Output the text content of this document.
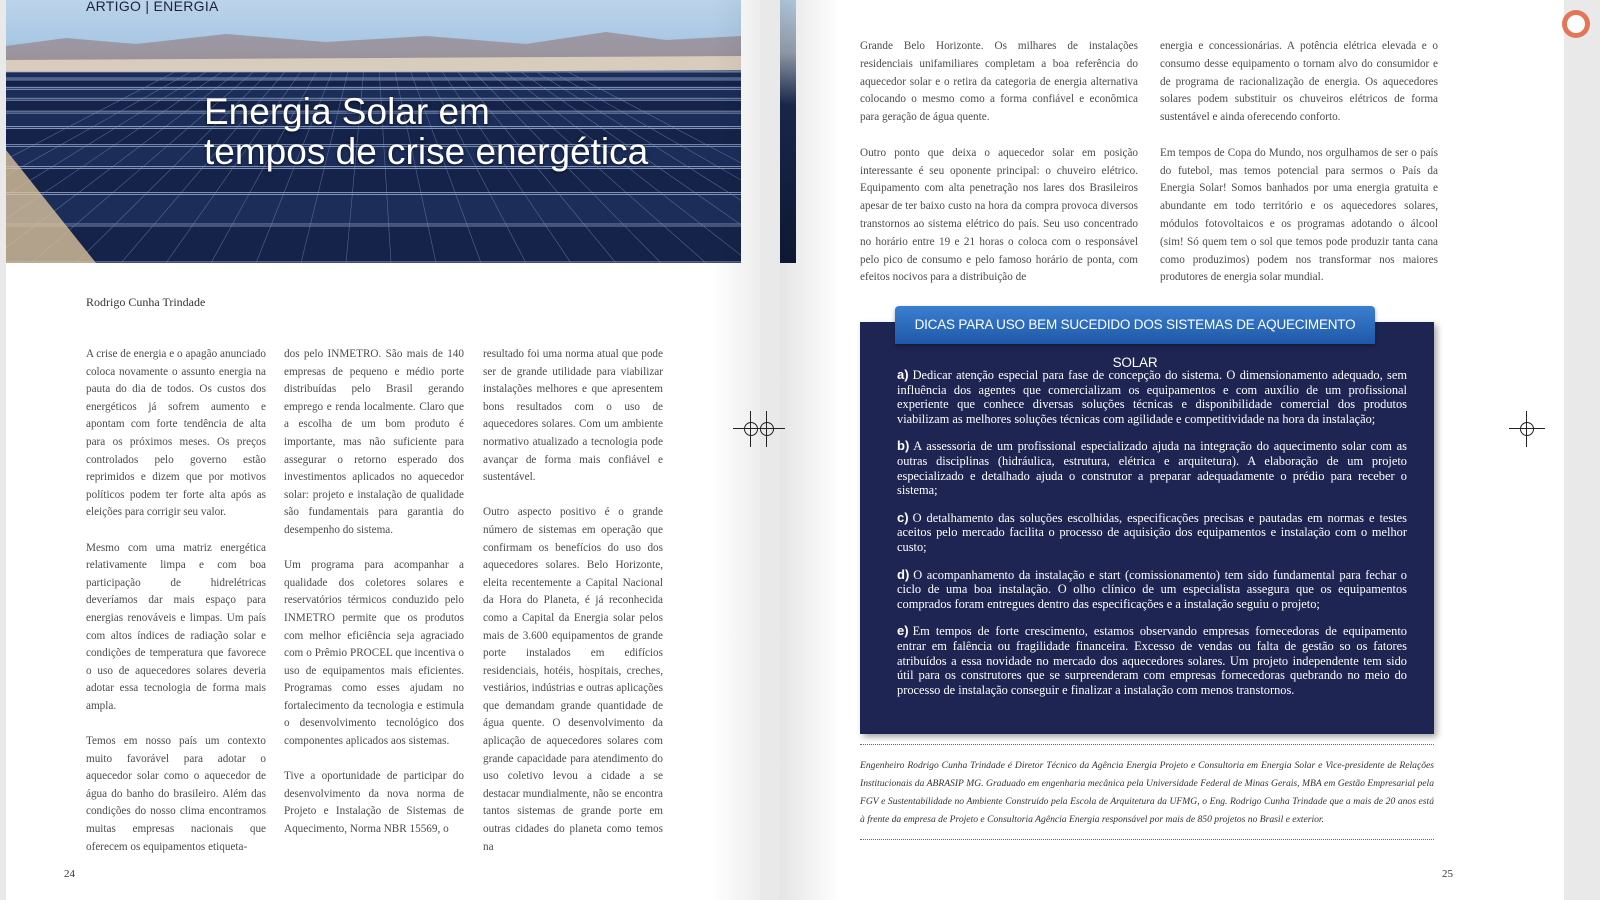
ARTIGO | ENERGIA
Energia Solar em
tempos de crise energética
Rodrigo Cunha Trindade

A crise de energia e o apagão anunciado coloca novamente o assunto energia na pauta do dia de todos. Os custos dos energéticos já sofrem aumento e apontam com forte tendência de alta para os próximos meses. Os preços controlados pelo governo estão reprimidos e dizem que por motivos políticos podem ter forte alta após as eleições para corrigir seu valor.

Mesmo com uma matriz energética relativamente limpa e com boa participação de hidrelétricas deveríamos dar mais espaço para energias renováveis e limpas. Um país com altos índices de radiação solar e condições de temperatura que favorece o uso de aquecedores solares deveria adotar essa tecnologia de forma mais ampla.

Temos em nosso país um contexto muito favorável para adotar o aquecedor solar como o aquecedor de água do banho do brasileiro. Além das condições do nosso clima encontramos muitas empresas nacionais que oferecem os equipamentos etiqueta-

dos pelo INMETRO. São mais de 140 empresas de pequeno e médio porte distribuídas pelo Brasil gerando emprego e renda localmente. Claro que a escolha de um bom produto é importante, mas não suficiente para assegurar o retorno esperado dos investimentos aplicados no aquecedor solar: projeto e instalação de qualidade são fundamentais para garantia do desempenho do sistema.

Um programa para acompanhar a qualidade dos coletores solares e reservatórios térmicos conduzido pelo INMETRO permite que os produtos com melhor eficiência seja agraciado com o Prêmio PROCEL que incentiva o uso de equipamentos mais eficientes. Programas como esses ajudam no fortalecimento da tecnologia e estimula o desenvolvimento tecnológico dos componentes aplicados aos sistemas.

Tive a oportunidade de participar do desenvolvimento da nova norma de Projeto e Instalação de Sistemas de Aquecimento, Norma NBR 15569, o

resultado foi uma norma atual que pode ser de grande utilidade para viabilizar instalações melhores e que apresentem bons resultados com o uso de aquecedores solares. Com um ambiente normativo atualizado a tecnologia pode avançar de forma mais confiável e sustentável.

Outro aspecto positivo é o grande número de sistemas em operação que confirmam os benefícios do uso dos aquecedores solares. Belo Horizonte, eleita recentemente a Capital Nacional da Hora do Planeta, é já reconhecida como a Capital da Energia solar pelos mais de 3.600 equipamentos de grande porte instalados em edifícios residenciais, hotéis, hospitais, creches, vestiários, indústrias e outras aplicações que demandam grande quantidade de água quente. O desenvolvimento da aplicação de aquecedores solares com grande capacidade para atendimento do uso coletivo levou a cidade a se destacar mundialmente, não se encontra tantos sistemas de grande porte em outras cidades do planeta como temos na

24

Grande Belo Horizonte. Os milhares de instalações residenciais unifamiliares completam a boa referência do aquecedor solar e o retira da categoria de energia alternativa colocando o mesmo como a forma confiável e econômica para geração de água quente.

Outro ponto que deixa o aquecedor solar em posição interessante é seu oponente principal: o chuveiro elétrico. Equipamento com alta penetração nos lares dos Brasileiros apesar de ter baixo custo na hora da compra provoca diversos transtornos ao sistema elétrico do país. Seu uso concentrado no horário entre 19 e 21 horas o coloca com o responsável pelo pico de consumo e pelo famoso horário de ponta, com efeitos nocivos para a distribuição de

energia e concessionárias. A potência elétrica elevada e o consumo desse equipamento o tornam alvo do consumidor e de programa de racionalização de energia. Os aquecedores solares podem substituir os chuveiros elétricos de forma sustentável e ainda oferecendo conforto.

Em tempos de Copa do Mundo, nos orgulhamos de ser o país do futebol, mas temos potencial para sermos o País da Energia Solar! Somos banhados por uma energia gratuita e abundante em todo território e os aquecedores solares, módulos fotovoltaicos e os programas adotando o álcool (sim! Só quem tem o sol que temos pode produzir tanta cana como produzimos) podem nos transformar nos maiores produtores de energia solar mundial.

DICAS PARA USO BEM SUCEDIDO DOS SISTEMAS DE AQUECIMENTO SOLAR
a) Dedicar atenção especial para fase de concepção do sistema. O dimensionamento adequado, sem influência dos agentes que comercializam os equipamentos e com auxílio de um profissional experiente que conhece diversas soluções técnicas e disponibilidade comercial dos produtos viabilizam as melhores soluções técnicas com agilidade e competitividade na hora da instalação;
b) A assessoria de um profissional especializado ajuda na integração do aquecimento solar com as outras disciplinas (hidráulica, estrutura, elétrica e arquitetura). A elaboração de um projeto especializado e detalhado ajuda o construtor a preparar adequadamente o prédio para receber o sistema;
c) O detalhamento das soluções escolhidas, especificações precisas e pautadas em normas e testes aceitos pelo mercado facilita o processo de aquisição dos equipamentos e instalação com o melhor custo;
d) O acompanhamento da instalação e start (comissionamento) tem sido fundamental para fechar o ciclo de uma boa instalação. O olho clínico de um especialista assegura que os equipamentos comprados foram entregues dentro das especificações e a instalação seguiu o projeto;
e) Em tempos de forte crescimento, estamos observando empresas fornecedoras de equipamento entrar em falência ou fragilidade financeira. Excesso de vendas ou falta de gestão so os fatores atribuídos a essa novidade no mercado dos aquecedores solares. Um projeto independente tem sido útil para os construtores que se surpreenderam com empresas fornecedoras quebrando no meio do processo de instalação conseguir e finalizar a instalação com menos transtornos.
Engenheiro Rodrigo Cunha Trindade é Diretor Técnico da Agência Energia Projeto e Consultoria em Energia Solar e Vice-presidente de Relações Institucionais da ABRASIP MG. Graduado em engenharia mecânica pela Universidade Federal de Minas Gerais, MBA em Gestão Empresarial pela FGV e Sustentabilidade no Ambiente Construído pela Escola de Arquitetura da UFMG, o Eng. Rodrigo Cunha Trindade que a mais de 20 anos está à frente da empresa de Projeto e Consultoria Agência Energia responsável por mais de 850 projetos no Brasil e exterior.
25
